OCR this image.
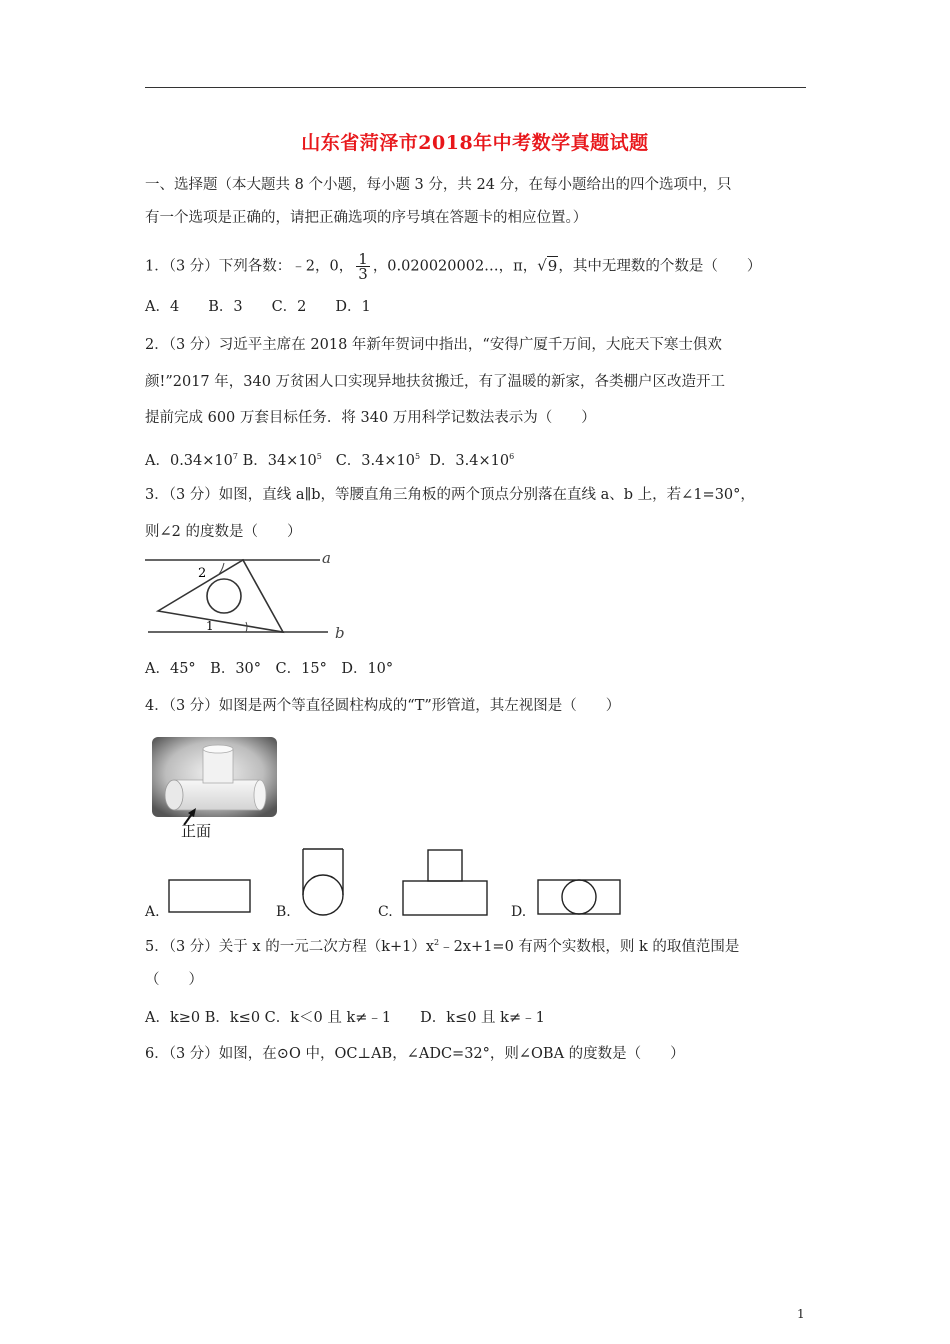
山东省菏泽市2018年中考数学真题试题
一、选择题（本大题共 8 个小题，每小题 3 分，共 24 分，在每小题给出的四个选项中，只
有一个选项是正确的，请把正确选项的序号填在答题卡的相应位置。）
1．（3 分）下列各数：﹣2，0， $\frac{1}{3}$ ，0.020020002…，π，√9，其中无理数的个数是（　　）
A．4　　B．3　　C．2　　D．1
2．（3 分）习近平主席在 2018 年新年贺词中指出，“安得广厦千万间，大庇天下寒士俱欢
颜!”2017 年，340 万贫困人口实现异地扶贫搬迁，有了温暖的新家，各类棚户区改造开工
提前完成 600 万套目标任务．将 340 万用科学记数法表示为（　　）
A．$0.34\times 10^7$ B．$34\times 10^5$ C．$3.4\times 10^5$ D．$3.4\times 10^6$
3．（3 分）如图，直线 a∥b，等腰直角三角板的两个顶点分别落在直线 a、b 上，若∠1=30°，
则∠2 的度数是（　　）
2
1
a
b
A．45°　B．30°　C．15°　D．10°
4．（3 分）如图是两个等直径圆柱构成的“T”形管道，其左视图是（　　）
正面
A.	B.	C.	D.
5．（3 分）关于 x 的一元二次方程$(k+1)x^2﹣2x+1=0$ 有两个实数根，则 k 的取值范围是
（　　）
A．k≥0 B．k≤0 C．k＜0 且 k≠﹣1　　D．k≤0 且 k≠﹣1
6．（3 分）如图，在⊙O 中，OC⊥AB，∠ADC=32°，则∠OBA 的度数是（　　）
1
